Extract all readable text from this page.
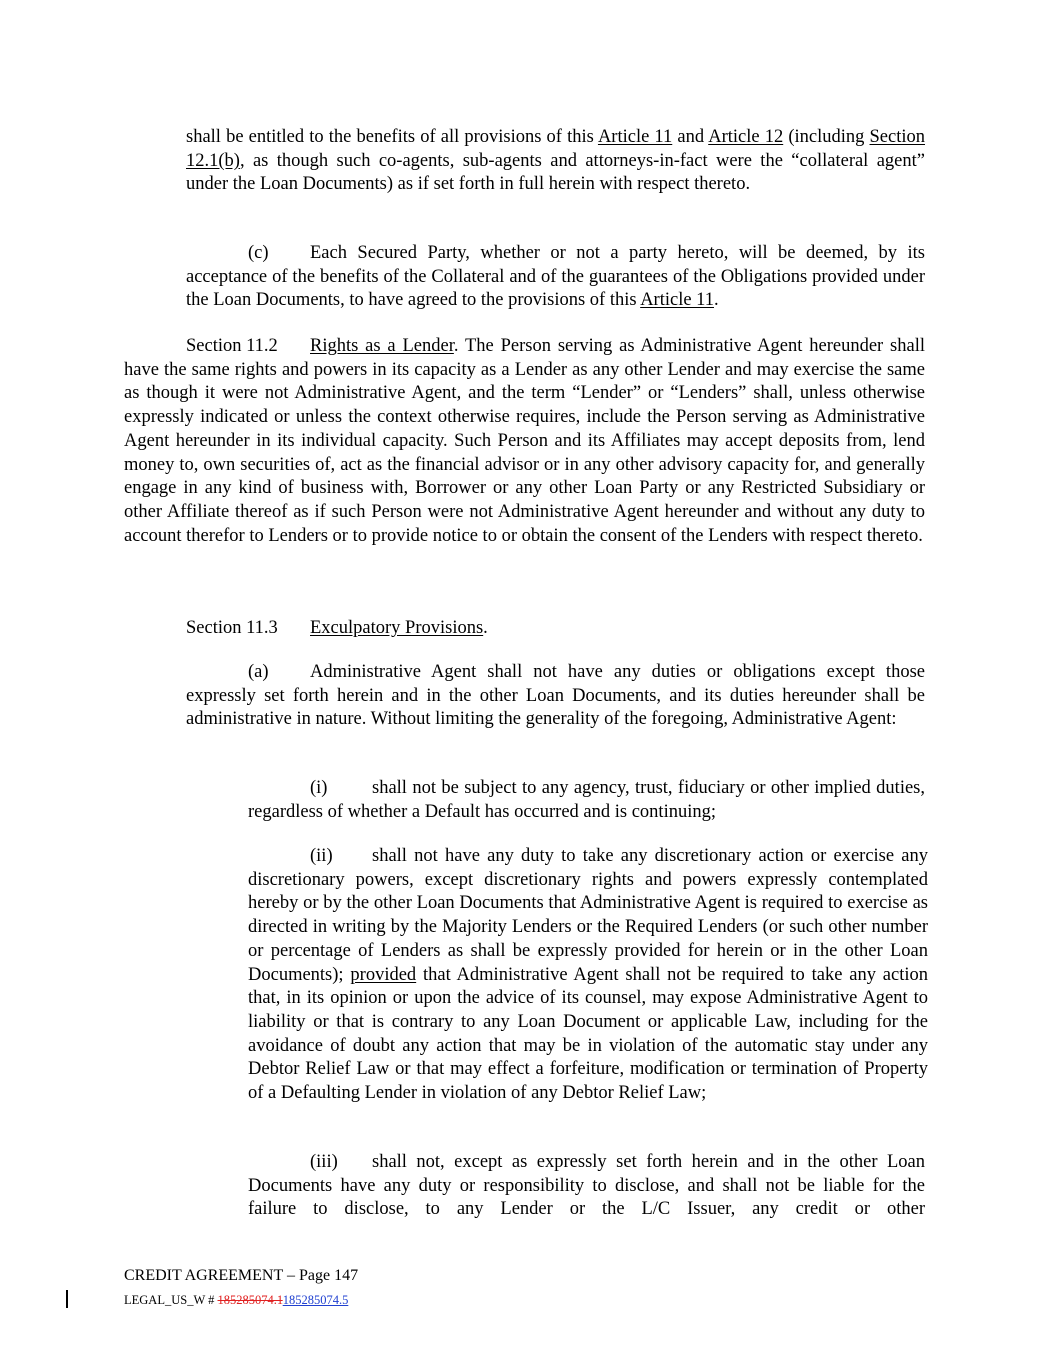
shall be entitled to the benefits of all provisions of this Article 11 and Article 12 (including Section 12.1(b), as though such co-agents, sub-agents and attorneys-in-fact were the “collateral agent” under the Loan Documents) as if set forth in full herein with respect thereto.

(c) Each Secured Party, whether or not a party hereto, will be deemed, by its acceptance of the benefits of the Collateral and of the guarantees of the Obligations provided under the Loan Documents, to have agreed to the provisions of this Article 11.

Section 11.2 Rights as a Lender. The Person serving as Administrative Agent hereunder shall have the same rights and powers in its capacity as a Lender as any other Lender and may exercise the same as though it were not Administrative Agent, and the term “Lender” or “Lenders” shall, unless otherwise expressly indicated or unless the context otherwise requires, include the Person serving as Administrative Agent hereunder in its individual capacity. Such Person and its Affiliates may accept deposits from, lend money to, own securities of, act as the financial advisor or in any other advisory capacity for, and generally engage in any kind of business with, Borrower or any other Loan Party or any Restricted Subsidiary or other Affiliate thereof as if such Person were not Administrative Agent hereunder and without any duty to account therefor to Lenders or to provide notice to or obtain the consent of the Lenders with respect thereto.

Section 11.3 Exculpatory Provisions.

(a) Administrative Agent shall not have any duties or obligations except those expressly set forth herein and in the other Loan Documents, and its duties hereunder shall be administrative in nature. Without limiting the generality of the foregoing, Administrative Agent:

(i) shall not be subject to any agency, trust, fiduciary or other implied duties, regardless of whether a Default has occurred and is continuing;

(ii) shall not have any duty to take any discretionary action or exercise any discretionary powers, except discretionary rights and powers expressly contemplated hereby or by the other Loan Documents that Administrative Agent is required to exercise as directed in writing by the Majority Lenders or the Required Lenders (or such other number or percentage of Lenders as shall be expressly provided for herein or in the other Loan Documents); provided that Administrative Agent shall not be required to take any action that, in its opinion or upon the advice of its counsel, may expose Administrative Agent to liability or that is contrary to any Loan Document or applicable Law, including for the avoidance of doubt any action that may be in violation of the automatic stay under any Debtor Relief Law or that may effect a forfeiture, modification or termination of Property of a Defaulting Lender in violation of any Debtor Relief Law;

(iii) shall not, except as expressly set forth herein and in the other Loan Documents have any duty or responsibility to disclose, and shall not be liable for the failure to disclose, to any Lender or the L/C Issuer, any credit or other

CREDIT AGREEMENT – Page 147
LEGAL_US_W # 185285074.1185285074.5
